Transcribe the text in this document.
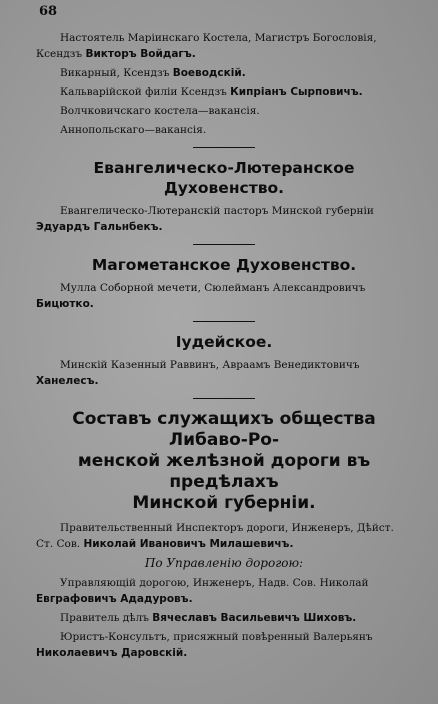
68

Настоятель Маріинскаго Костела, Магистръ Богословія,
Ксендзъ Викторъ Войдагъ.

Викарный, Ксендзъ Воеводскій.

Кальварійской филіи Ксендзъ Кипріанъ Сырповичъ.

Волчковичскаго костела—вакансія.

Аннопольскаго—вакансія.

Евангелическо-Лютеранское Духовенство.

Евангелическо-Лютеранскій пасторъ Минской губерніи
Эдуардъ Гальнбекъ.

Магометанское Духовенство.

Мулла Соборной мечети, Сюлейманъ Александровичъ
Бицютко.

Іудейское.

Минскій Казенный Раввинъ, Авраамъ Венедиктовичъ
Ханелесъ.

Составъ служащихъ общества Либаво-Ро-
менской желѣзной дороги въ предѣлахъ
Минской губерніи.

Правительственный Инспекторъ дороги, Инженеръ, Дѣйст.
Ст. Сов. Николай Ивановичъ Милашевичъ.

По Управленію дорогою:

Управляющій дорогою, Инженеръ, Надв. Сов. Николай
Евграфовичъ Ададуровъ.

Правитель дѣлъ Вячеславъ Васильевичъ Шиховъ.

Юристъ-Консультъ, присяжный повѣренный Валерьянъ
Николаевичъ Даровскій.
